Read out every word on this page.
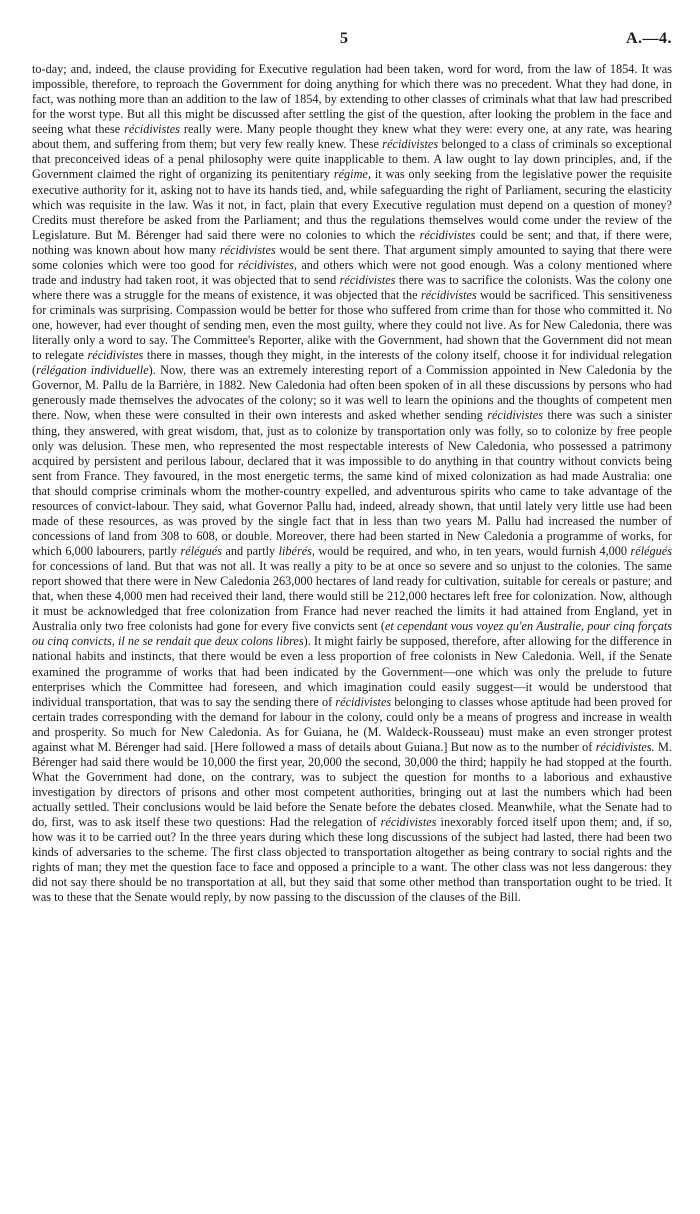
5	A.—4.

to-day; and, indeed, the clause providing for Executive regulation had been taken, word for word, from the law of 1854. It was impossible, therefore, to reproach the Government for doing anything for which there was no precedent. What they had done, in fact, was nothing more than an addition to the law of 1854, by extending to other classes of criminals what that law had prescribed for the worst type. But all this might be discussed after settling the gist of the question, after looking the problem in the face and seeing what these récidivistes really were. Many people thought they knew what they were: every one, at any rate, was hearing about them, and suffering from them; but very few really knew. These récidivistes belonged to a class of criminals so exceptional that preconceived ideas of a penal philosophy were quite inapplicable to them. A law ought to lay down principles, and, if the Government claimed the right of organizing its penitentiary régime, it was only seeking from the legislative power the requisite executive authority for it, asking not to have its hands tied, and, while safeguarding the right of Parliament, securing the elasticity which was requisite in the law. Was it not, in fact, plain that every Executive regulation must depend on a question of money? Credits must therefore be asked from the Parliament; and thus the regulations themselves would come under the review of the Legislature. But M. Bérenger had said there were no colonies to which the récidivistes could be sent; and that, if there were, nothing was known about how many récidivistes would be sent there. That argument simply amounted to saying that there were some colonies which were too good for récidivistes, and others which were not good enough. Was a colony mentioned where trade and industry had taken root, it was objected that to send récidivistes there was to sacrifice the colonists. Was the colony one where there was a struggle for the means of existence, it was objected that the récidivistes would be sacrificed. This sensitiveness for criminals was surprising. Compassion would be better for those who suffered from crime than for those who committed it. No one, however, had ever thought of sending men, even the most guilty, where they could not live. As for New Caledonia, there was literally only a word to say. The Committee's Reporter, alike with the Government, had shown that the Government did not mean to relegate récidivistes there in masses, though they might, in the interests of the colony itself, choose it for individual relegation (rélégation individuelle). Now, there was an extremely interesting report of a Commission appointed in New Caledonia by the Governor, M. Pallu de la Barrière, in 1882. New Caledonia had often been spoken of in all these discussions by persons who had generously made themselves the advocates of the colony; so it was well to learn the opinions and the thoughts of competent men there. Now, when these were consulted in their own interests and asked whether sending récidivistes there was such a sinister thing, they answered, with great wisdom, that, just as to colonize by transportation only was folly, so to colonize by free people only was delusion. These men, who represented the most respectable interests of New Caledonia, who possessed a patrimony acquired by persistent and perilous labour, declared that it was impossible to do anything in that country without convicts being sent from France. They favoured, in the most energetic terms, the same kind of mixed colonization as had made Australia: one that should comprise criminals whom the mother-country expelled, and adventurous spirits who came to take advantage of the resources of convict-labour. They said, what Governor Pallu had, indeed, already shown, that until lately very little use had been made of these resources, as was proved by the single fact that in less than two years M. Pallu had increased the number of concessions of land from 308 to 608, or double. Moreover, there had been started in New Caledonia a programme of works, for which 6,000 labourers, partly rélégués and partly libérés, would be required, and who, in ten years, would furnish 4,000 rélégués for concessions of land. But that was not all. It was really a pity to be at once so severe and so unjust to the colonies. The same report showed that there were in New Caledonia 263,000 hectares of land ready for cultivation, suitable for cereals or pasture; and that, when these 4,000 men had received their land, there would still be 212,000 hectares left free for colonization. Now, although it must be acknowledged that free colonization from France had never reached the limits it had attained from England, yet in Australia only two free colonists had gone for every five convicts sent (et cependant vous voyez qu'en Australie, pour cinq forçats ou cinq convicts, il ne se rendait que deux colons libres). It might fairly be supposed, therefore, after allowing for the difference in national habits and instincts, that there would be even a less proportion of free colonists in New Caledonia. Well, if the Senate examined the programme of works that had been indicated by the Government—one which was only the prelude to future enterprises which the Committee had foreseen, and which imagination could easily suggest—it would be understood that individual transportation, that was to say the sending there of récidivistes belonging to classes whose aptitude had been proved for certain trades corresponding with the demand for labour in the colony, could only be a means of progress and increase in wealth and prosperity. So much for New Caledonia. As for Guiana, he (M. Waldeck-Rousseau) must make an even stronger protest against what M. Bérenger had said. [Here followed a mass of details about Guiana.] But now as to the number of récidivistes. M. Bérenger had said there would be 10,000 the first year, 20,000 the second, 30,000 the third; happily he had stopped at the fourth. What the Government had done, on the contrary, was to subject the question for months to a laborious and exhaustive investigation by directors of prisons and other most competent authorities, bringing out at last the numbers which had been actually settled. Their conclusions would be laid before the Senate before the debates closed. Meanwhile, what the Senate had to do, first, was to ask itself these two questions: Had the relegation of récidivistes inexorably forced itself upon them; and, if so, how was it to be carried out? In the three years during which these long discussions of the subject had lasted, there had been two kinds of adversaries to the scheme. The first class objected to transportation altogether as being contrary to social rights and the rights of man; they met the question face to face and opposed a principle to a want. The other class was not less dangerous: they did not say there should be no transportation at all, but they said that some other method than transportation ought to be tried. It was to these that the Senate would reply, by now passing to the discussion of the clauses of the Bill.
